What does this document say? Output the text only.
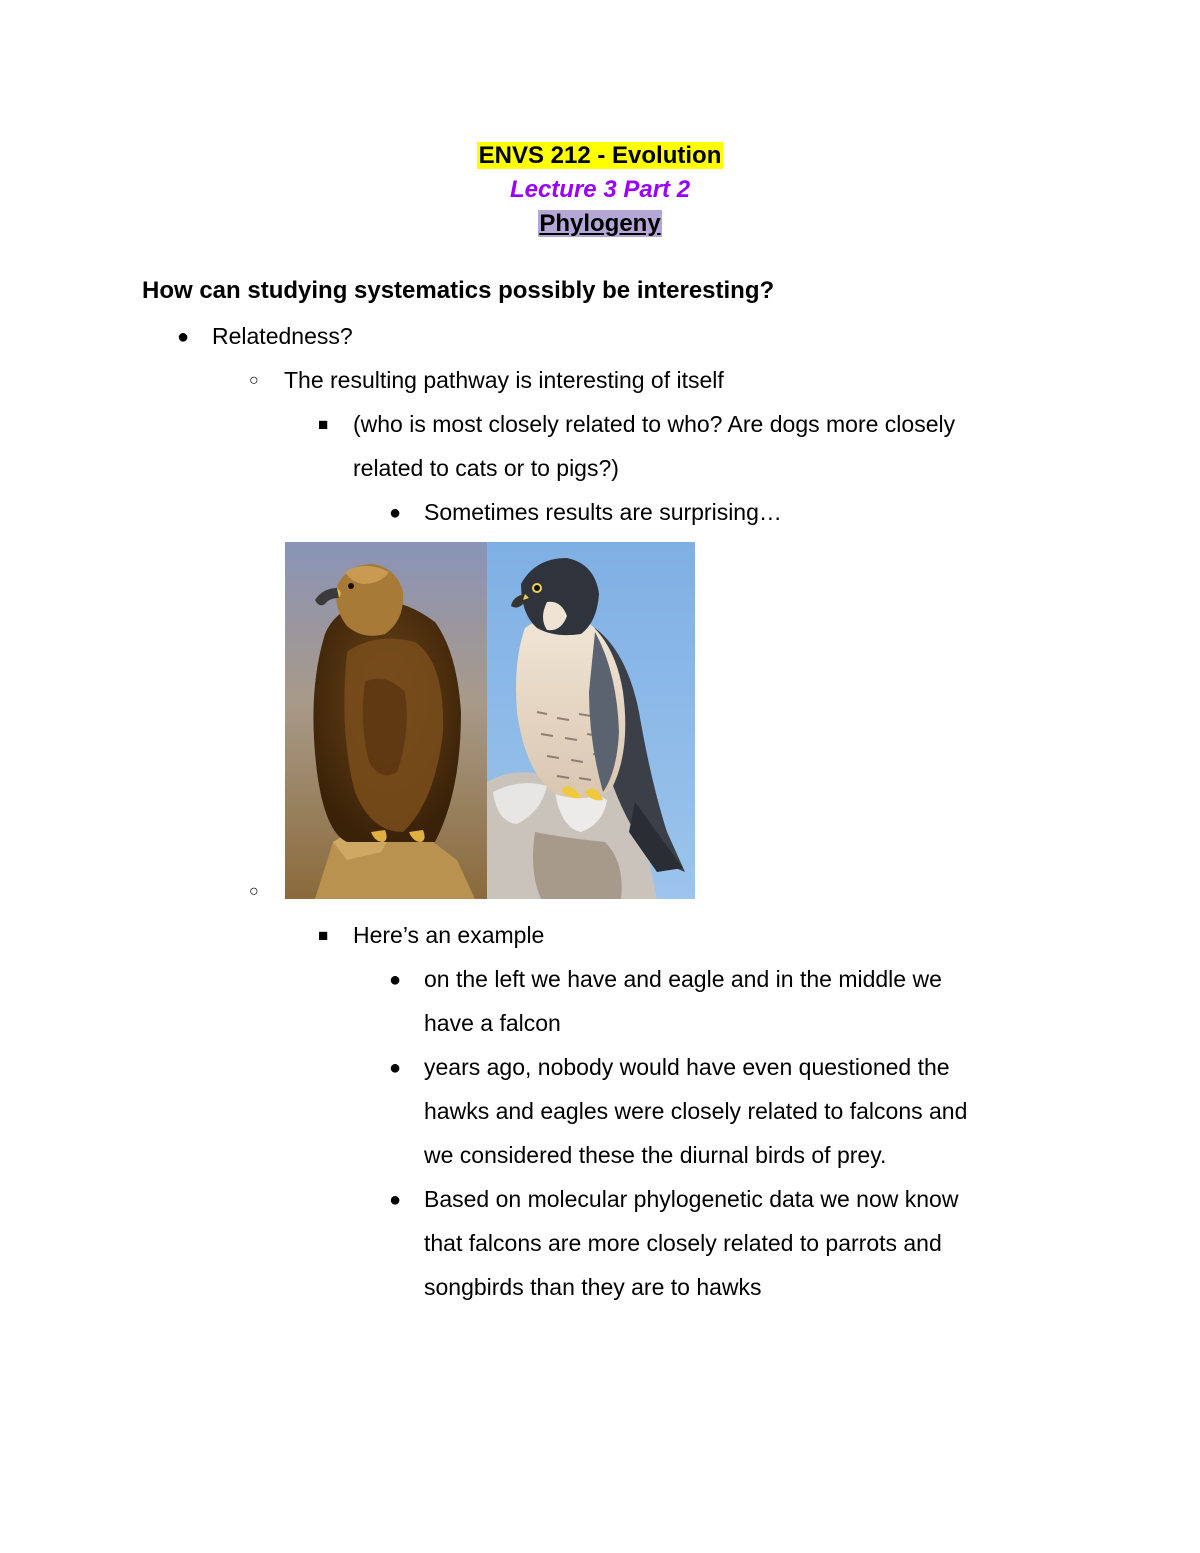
ENVS 212 - Evolution
Lecture 3 Part 2
Phylogeny
How can studying systematics possibly be interesting?
● Relatedness?
○ The resulting pathway is interesting of itself
■ (who is most closely related to who? Are dogs more closely
related to cats or to pigs?)
● Sometimes results are surprising…
○
■ Here’s an example
● on the left we have and eagle and in the middle we
have a falcon
● years ago, nobody would have even questioned the
hawks and eagles were closely related to falcons and
we considered these the diurnal birds of prey.
● Based on molecular phylogenetic data we now know
that falcons are more closely related to parrots and
songbirds than they are to hawks
